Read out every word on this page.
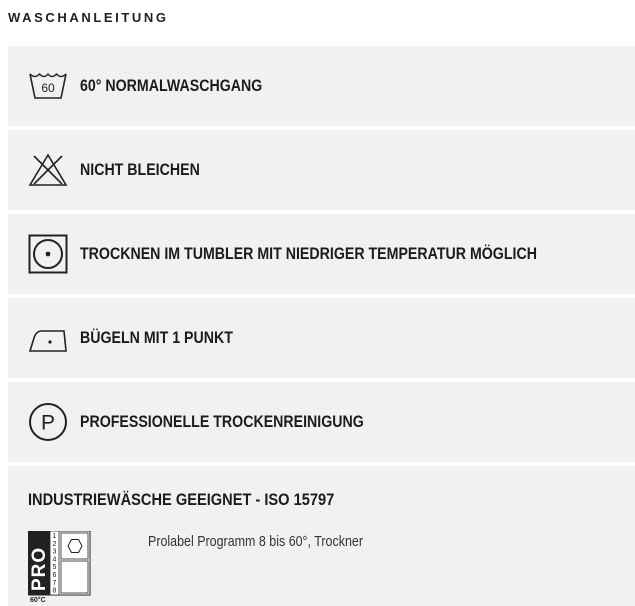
WASCHANLEITUNG
60 60° NORMALWASCHGANG
NICHT BLEICHEN
TROCKNEN IM TUMBLER MIT NIEDRIGER TEMPERATUR MÖGLICH
BÜGELN MIT 1 PUNKT
P PROFESSIONELLE TROCKENREINIGUNG
INDUSTRIEWÄSCHE GEEIGNET - ISO 15797
PRO
1
2
3
4
5
6
7
8
60°C
Prolabel Programm 8 bis 60°, Trockner
